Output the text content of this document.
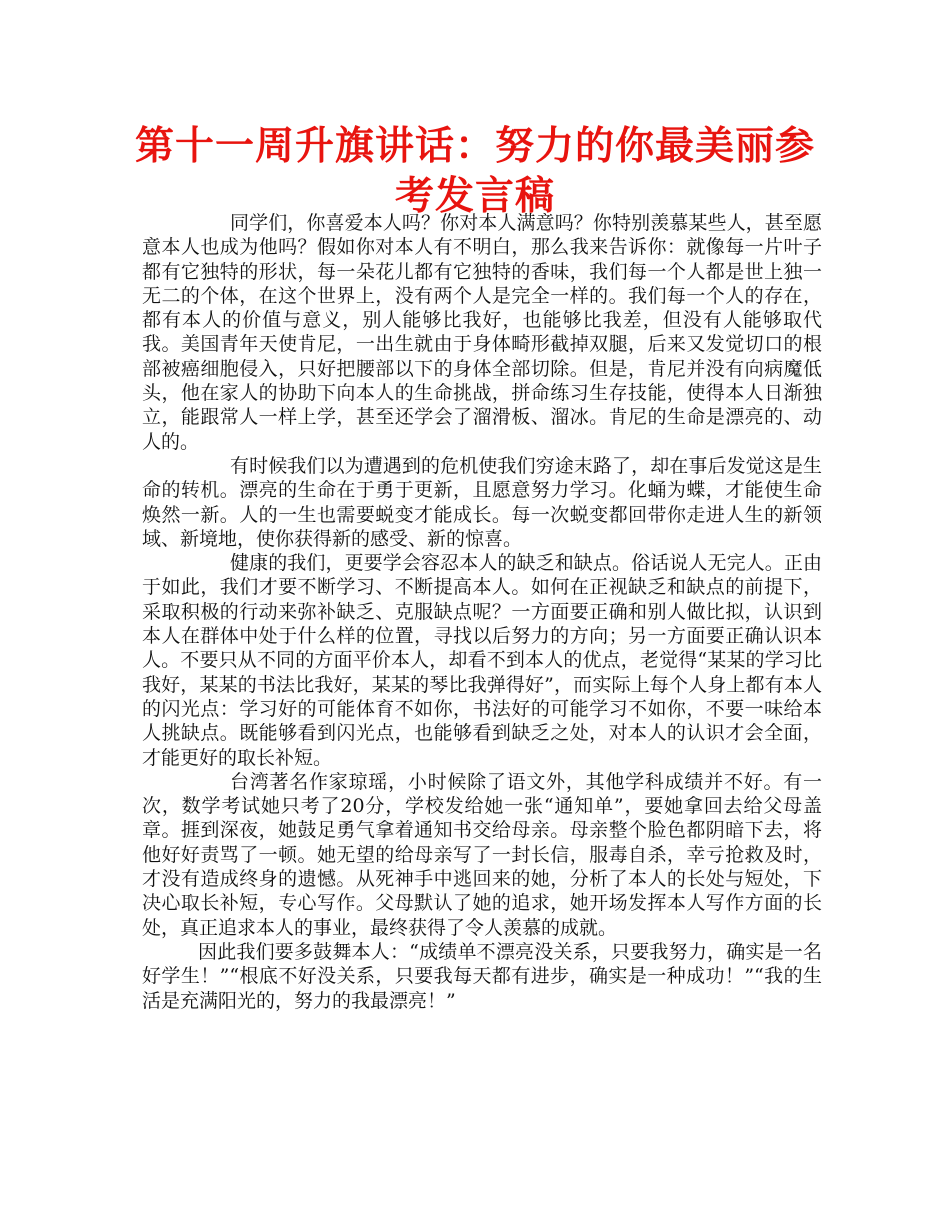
第十一周升旗讲话：努力的你最美丽参考发言稿

同学们，你喜爱本人吗？你对本人满意吗？你特别羡慕某些人，甚至愿意本人也成为他吗？假如你对本人有不明白，那么我来告诉你：就像每一片叶子都有它独特的形状，每一朵花儿都有它独特的香味，我们每一个人都是世上独一无二的个体，在这个世界上，没有两个人是完全一样的。我们每一个人的存在，都有本人的价值与意义，别人能够比我好，也能够比我差，但没有人能够取代我。美国青年天使肯尼，一出生就由于身体畸形截掉双腿，后来又发觉切口的根部被癌细胞侵入，只好把腰部以下的身体全部切除。但是，肯尼并没有向病魔低头，他在家人的协助下向本人的生命挑战，拼命练习生存技能，使得本人日渐独立，能跟常人一样上学，甚至还学会了溜滑板、溜冰。肯尼的生命是漂亮的、动人的。

有时候我们以为遭遇到的危机使我们穷途末路了，却在事后发觉这是生命的转机。漂亮的生命在于勇于更新，且愿意努力学习。化蛹为蝶，才能使生命焕然一新。人的一生也需要蜕变才能成长。每一次蜕变都回带你走进人生的新领域、新境地，使你获得新的感受、新的惊喜。

健康的我们，更要学会容忍本人的缺乏和缺点。俗话说人无完人。正由于如此，我们才要不断学习、不断提高本人。如何在正视缺乏和缺点的前提下，采取积极的行动来弥补缺乏、克服缺点呢？一方面要正确和别人做比拟，认识到本人在群体中处于什么样的位置，寻找以后努力的方向；另一方面要正确认识本人。不要只从不同的方面平价本人，却看不到本人的优点，老觉得“某某的学习比我好，某某的书法比我好，某某的琴比我弹得好”，而实际上每个人身上都有本人的闪光点：学习好的可能体育不如你，书法好的可能学习不如你，不要一味给本人挑缺点。既能够看到闪光点，也能够看到缺乏之处，对本人的认识才会全面，才能更好的取长补短。

台湾著名作家琼瑶，小时候除了语文外，其他学科成绩并不好。有一次，数学考试她只考了20分，学校发给她一张“通知单”，要她拿回去给父母盖章。捱到深夜，她鼓足勇气拿着通知书交给母亲。母亲整个脸色都阴暗下去，将他好好责骂了一顿。她无望的给母亲写了一封长信，服毒自杀，幸亏抢救及时，才没有造成终身的遗憾。从死神手中逃回来的她，分析了本人的长处与短处，下决心取长补短，专心写作。父母默认了她的追求，她开场发挥本人写作方面的长处，真正追求本人的事业，最终获得了令人羡慕的成就。

因此我们要多鼓舞本人：“成绩单不漂亮没关系，只要我努力，确实是一名好学生！”“根底不好没关系，只要我每天都有进步，确实是一种成功！”“我的生活是充满阳光的，努力的我最漂亮！”
